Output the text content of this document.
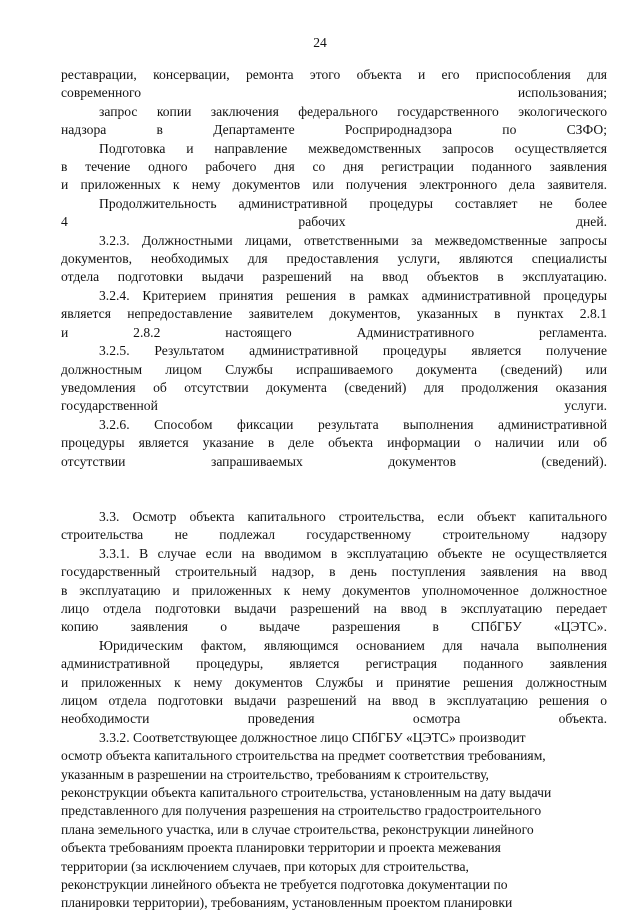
24

реставрации, консервации, ремонта этого объекта и его приспособления для
современного использования;

запрос копии заключения федерального государственного экологического
надзора в Департаменте Росприроднадзора по СЗФО;

Подготовка и направление межведомственных запросов осуществляется
в течение одного рабочего дня со дня регистрации поданного заявления
и приложенных к нему документов или получения электронного дела заявителя.

Продолжительность административной процедуры составляет не более
4 рабочих дней.

3.2.3. Должностными лицами, ответственными за межведомственные запросы
документов, необходимых для предоставления услуги, являются специалисты
отдела подготовки выдачи разрешений на ввод объектов в эксплуатацию.

3.2.4. Критерием принятия решения в рамках административной процедуры
является непредоставление заявителем документов, указанных в пунктах 2.8.1
и 2.8.2 настоящего Административного регламента.

3.2.5. Результатом административной процедуры является получение
должностным лицом Службы испрашиваемого документа (сведений) или
уведомления об отсутствии документа (сведений) для продолжения оказания
государственной услуги.

3.2.6. Способом фиксации результата выполнения административной
процедуры является указание в деле объекта информации о наличии или об
отсутствии запрашиваемых документов (сведений).

3.3. Осмотр объекта капитального строительства, если объект капитального
строительства не подлежал государственному строительному надзору

3.3.1. В случае если на вводимом в эксплуатацию объекте не осуществляется
государственный строительный надзор, в день поступления заявления на ввод
в эксплуатацию и приложенных к нему документов уполномоченное должностное
лицо отдела подготовки выдачи разрешений на ввод в эксплуатацию передает
копию заявления о выдаче разрешения в СПбГБУ «ЦЭТС».

Юридическим фактом, являющимся основанием для начала выполнения
административной процедуры, является регистрация поданного заявления
и приложенных к нему документов Службы и принятие решения должностным
лицом отдела подготовки выдачи разрешений на ввод в эксплуатацию решения о
необходимости проведения осмотра объекта.

3.3.2. Соответствующее должностное лицо СПбГБУ «ЦЭТС» производит
осмотр объекта капитального строительства на предмет соответствия требованиям,
указанным в разрешении на строительство, требованиям к строительству,
реконструкции объекта капитального строительства, установленным на дату выдачи
представленного для получения разрешения на строительство градостроительного
плана земельного участка, или в случае строительства, реконструкции линейного
объекта требованиям проекта планировки территории и проекта межевания
территории (за исключением случаев, при которых для строительства,
реконструкции линейного объекта не требуется подготовка документации по
планировки территории), требованиям, установленным проектом планировки
